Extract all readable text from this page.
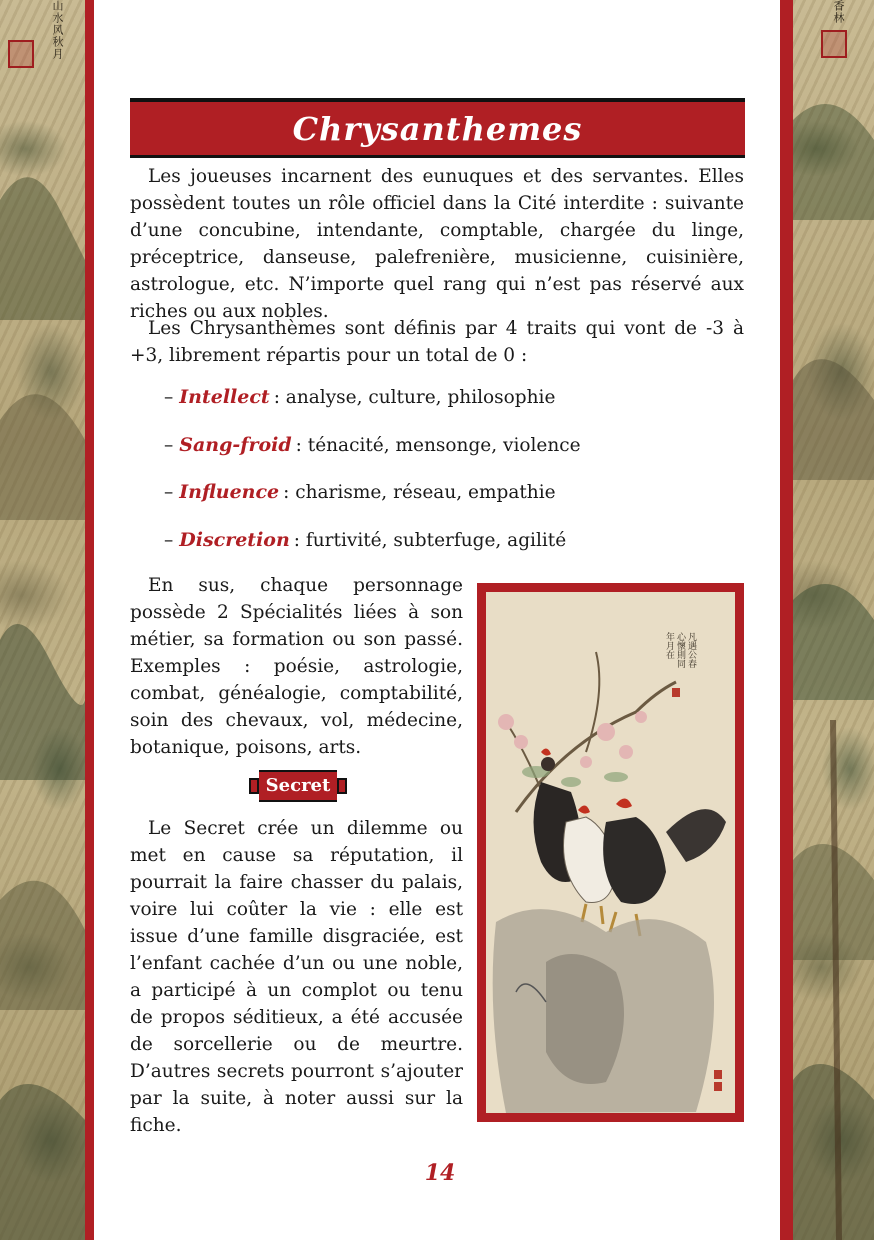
山水风秋月	香林
Chrysanthemes

Les joueuses incarnent des eunuques et des servantes. Elles possèdent toutes un rôle officiel dans la Cité interdite : suivante d’une concubine, intendante, comptable, chargée du linge, préceptrice, danseuse, palefrenière, musicienne, cuisinière, astrologue, etc. N’importe quel rang qui n’est pas réservé aux riches ou aux nobles.

Les Chrysanthèmes sont définis par 4 traits qui vont de -3 à +3, librement répartis pour un total de 0 :

– Intellect : analyse, culture, philosophie
– Sang-froid : ténacité, mensonge, violence
– Influence : charisme, réseau, empathie
– Discretion : furtivité, subterfuge, agilité

En sus, chaque personnage possède 2 Spécialités liées à son métier, sa formation ou son passé. Exemples : poésie, astrologie, combat, généalogie, comptabilité, soin des chevaux, vol, médecine, botanique, poisons, arts.

Secret

Le Secret crée un dilemme ou met en cause sa réputation, il pourrait la faire chasser du palais, voire lui coûter la vie : elle est issue d’une famille disgraciée, est l’enfant cachée d’un ou une noble, a participé à un complot ou tenu de propos séditieux, a été accusée de sorcellerie ou de meurtre. D’autres secrets pourront s’ajouter par la suite, à noter aussi sur la fiche.

凡遇公春
心懷則同
年月在
14
